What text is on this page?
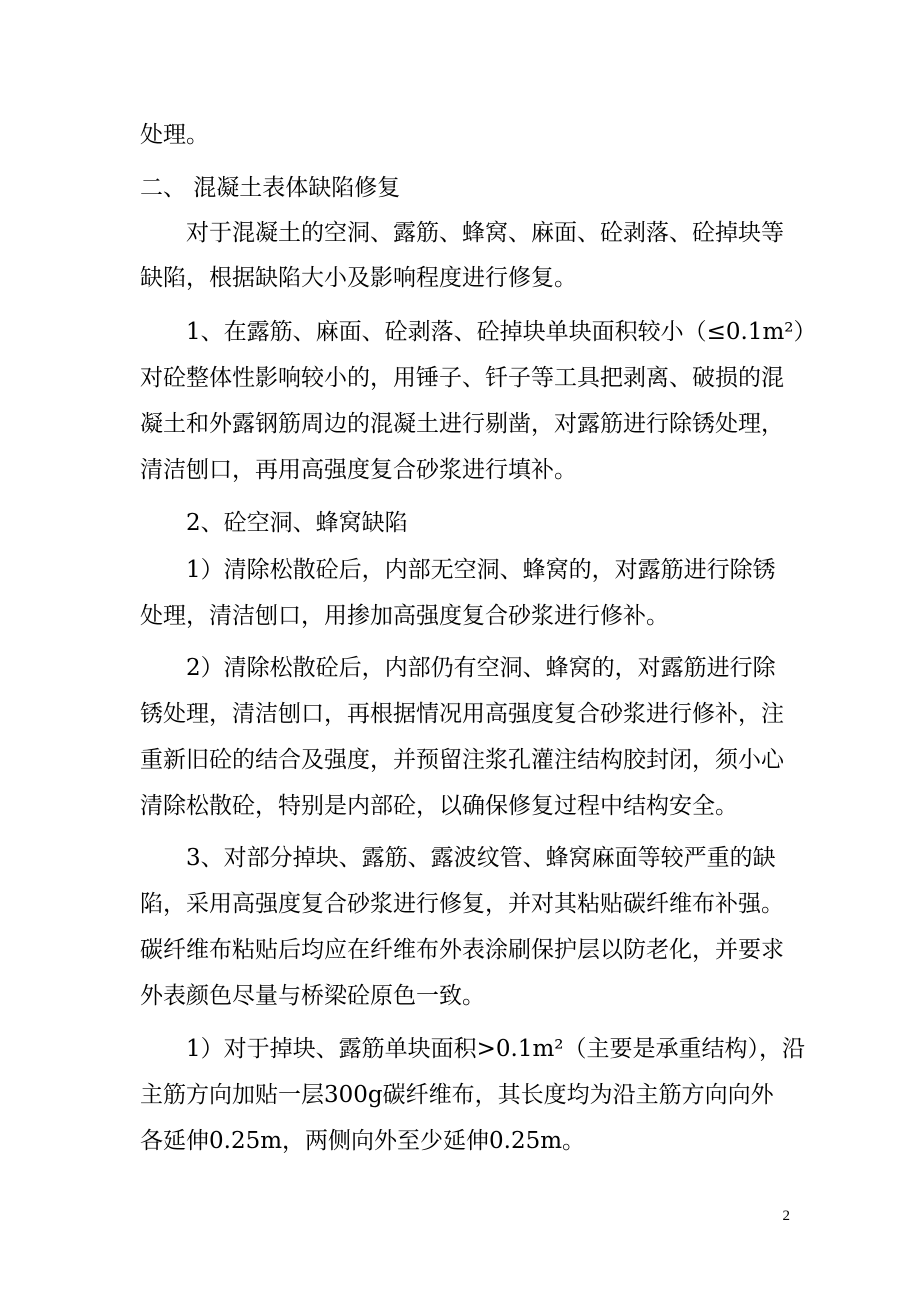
处理。
二、 混凝土表体缺陷修复
对于混凝土的空洞、露筋、蜂窝、麻面、砼剥落、砼掉块等
缺陷，根据缺陷大小及影响程度进行修复。
1、在露筋、麻面、砼剥落、砼掉块单块面积较小（≤0.1m²）
对砼整体性影响较小的，用锤子、钎子等工具把剥离、破损的混
凝土和外露钢筋周边的混凝土进行剔凿，对露筋进行除锈处理，
清洁刨口，再用高强度复合砂浆进行填补。
2、砼空洞、蜂窝缺陷
1）清除松散砼后，内部无空洞、蜂窝的，对露筋进行除锈
处理，清洁刨口，用掺加高强度复合砂浆进行修补。
2）清除松散砼后，内部仍有空洞、蜂窝的，对露筋进行除
锈处理，清洁刨口，再根据情况用高强度复合砂浆进行修补，注
重新旧砼的结合及强度，并预留注浆孔灌注结构胶封闭，须小心
清除松散砼，特别是内部砼，以确保修复过程中结构安全。
3、对部分掉块、露筋、露波纹管、蜂窝麻面等较严重的缺
陷，采用高强度复合砂浆进行修复，并对其粘贴碳纤维布补强。
碳纤维布粘贴后均应在纤维布外表涂刷保护层以防老化，并要求
外表颜色尽量与桥梁砼原色一致。
1）对于掉块、露筋单块面积>0.1m²（主要是承重结构），沿
主筋方向加贴一层300g碳纤维布，其长度均为沿主筋方向向外
各延伸0.25m，两侧向外至少延伸0.25m。
2
